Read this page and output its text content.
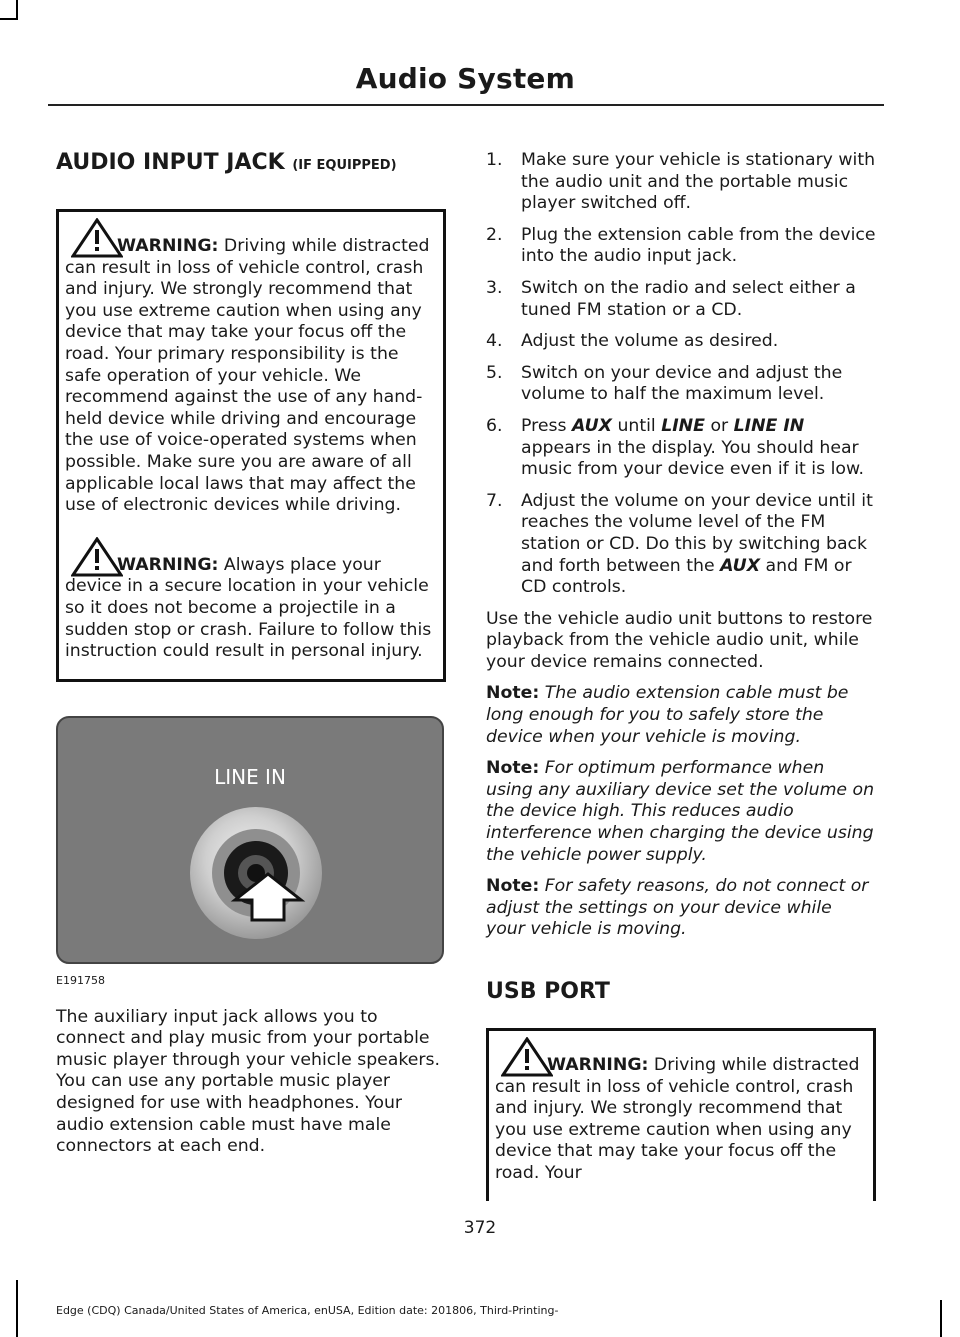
Audio System
AUDIO INPUT JACK (IF EQUIPPED)
WARNING: Driving while distracted can result in loss of vehicle control, crash and injury. We strongly recommend that you use extreme caution when using any device that may take your focus off the road. Your primary responsibility is the safe operation of your vehicle. We recommend against the use of any hand-held device while driving and encourage the use of voice-operated systems when possible. Make sure you are aware of all applicable local laws that may affect the use of electronic devices while driving.
WARNING: Always place your device in a secure location in your vehicle so it does not become a projectile in a sudden stop or crash. Failure to follow this instruction could result in personal injury.
LINE IN
E191758

The auxiliary input jack allows you to connect and play music from your portable music player through your vehicle speakers. You can use any portable music player designed for use with headphones. Your audio extension cable must have male connectors at each end.

1. Make sure your vehicle is stationary with the audio unit and the portable music player switched off.
2. Plug the extension cable from the device into the audio input jack.
3. Switch on the radio and select either a tuned FM station or a CD.
4. Adjust the volume as desired.
5. Switch on your device and adjust the volume to half the maximum level.
6. Press AUX until LINE or LINE IN appears in the display. You should hear music from your device even if it is low.
7. Adjust the volume on your device until it reaches the volume level of the FM station or CD. Do this by switching back and forth between the AUX and FM or CD controls.

Use the vehicle audio unit buttons to restore playback from the vehicle audio unit, while your device remains connected.

Note: The audio extension cable must be long enough for you to safely store the device when your vehicle is moving.

Note: For optimum performance when using any auxiliary device set the volume on the device high. This reduces audio interference when charging the device using the vehicle power supply.

Note: For safety reasons, do not connect or adjust the settings on your device while your vehicle is moving.

USB PORT
WARNING: Driving while distracted can result in loss of vehicle control, crash and injury. We strongly recommend that you use extreme caution when using any device that may take your focus off the road. Your
372
Edge (CDQ) Canada/United States of America, enUSA, Edition date: 201806, Third-Printing-
